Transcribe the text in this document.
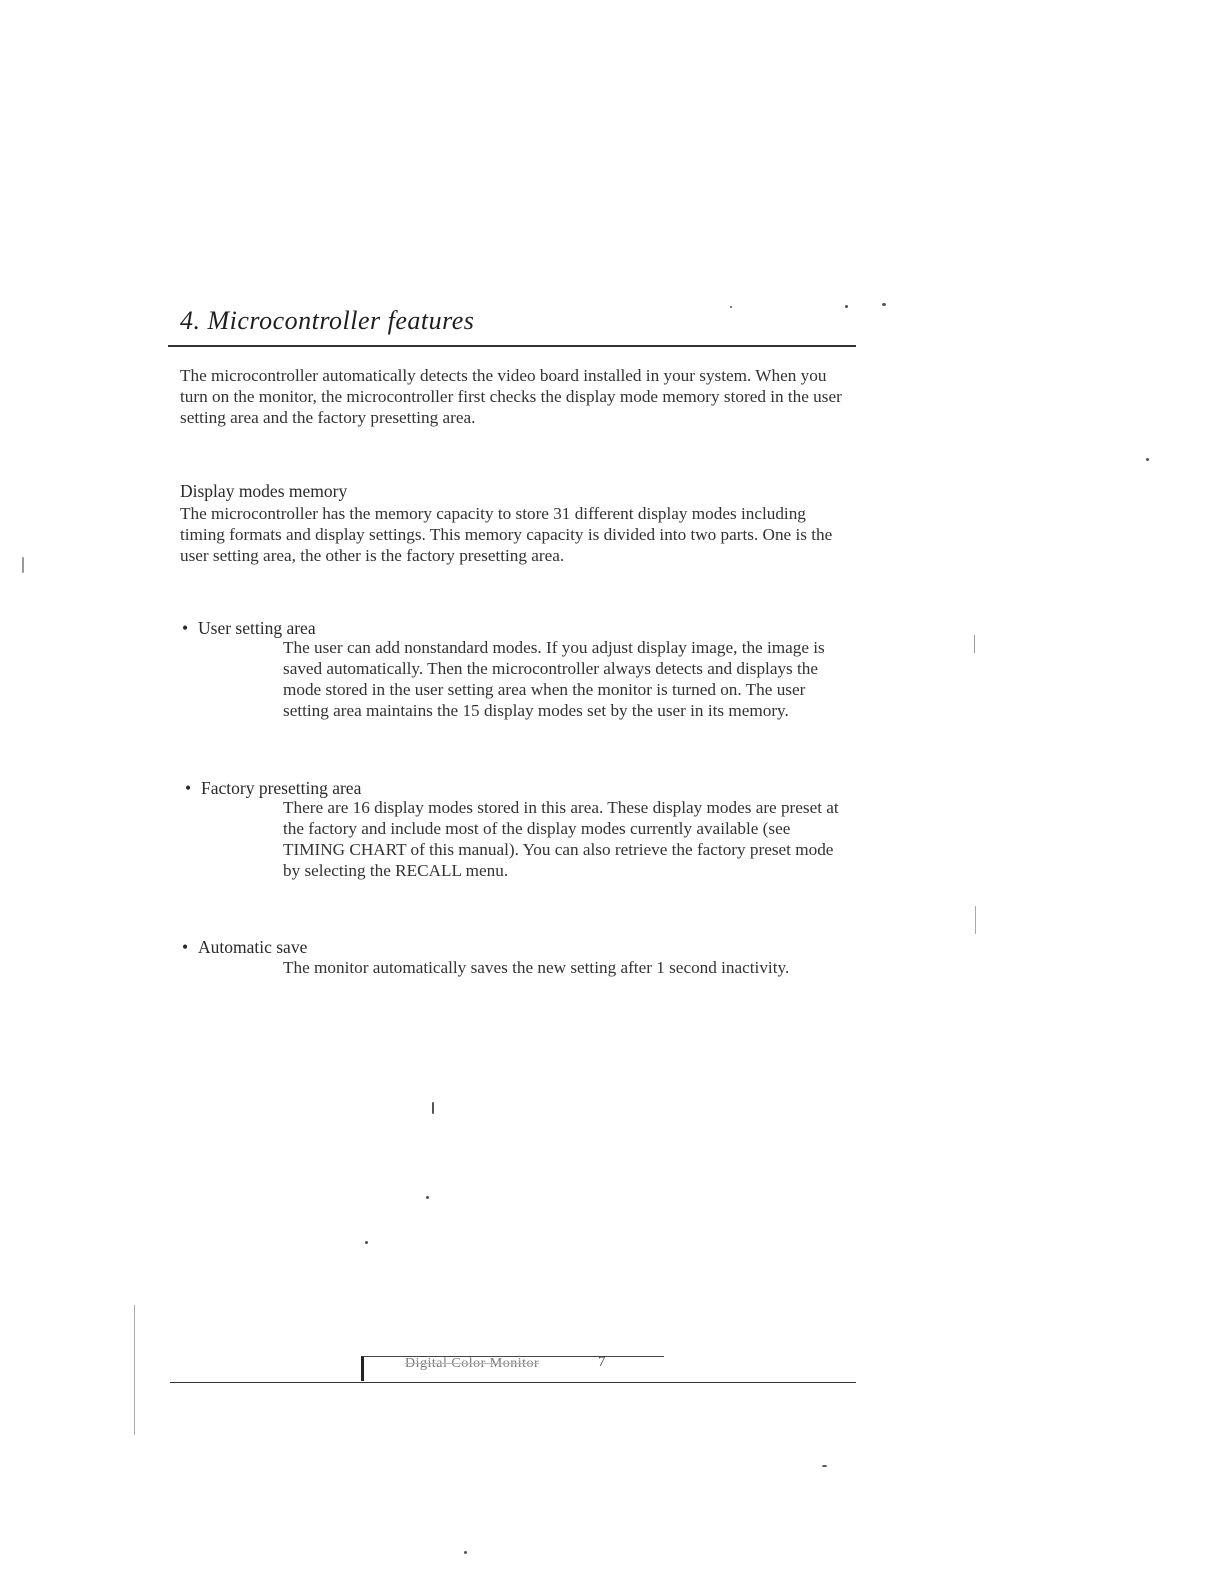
4. Microcontroller features

The microcontroller automatically detects the video board installed in your system. When you turn on the monitor, the microcontroller first checks the display mode memory stored in the user setting area and the factory presetting area.

Display modes memory

The microcontroller has the memory capacity to store 31 different display modes including timing formats and display settings. This memory capacity is divided into two parts. One is the user setting area, the other is the factory presetting area.

• User setting area

The user can add nonstandard modes. If you adjust display image, the image is saved automatically. Then the microcontroller always detects and displays the mode stored in the user setting area when the monitor is turned on. The user setting area maintains the 15 display modes set by the user in its memory.

• Factory presetting area

There are 16 display modes stored in this area. These display modes are preset at the factory and include most of the display modes currently available (see TIMING CHART of this manual). You can also retrieve the factory preset mode by selecting the RECALL menu.

• Automatic save

The monitor automatically saves the new setting after 1 second inactivity.

Digital Color Monitor	7
